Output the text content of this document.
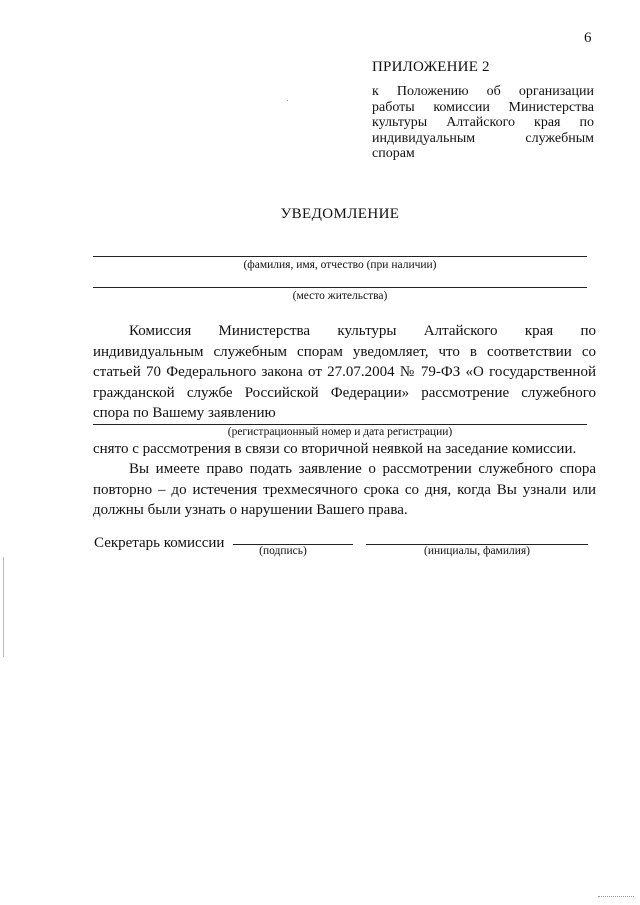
6
ПРИЛОЖЕНИЕ 2
к Положению об организации
работы комиссии Министерства
культуры Алтайского края по
индивидуальным служебным
спорам
УВЕДОМЛЕНИЕ
(фамилия, имя, отчество (при наличии)
(место жительства)
Комиссия Министерства культуры Алтайского края по
индивидуальным служебным спорам уведомляет, что в соответствии со
статьей 70 Федерального закона от 27.07.2004 № 79-ФЗ «О государственной
гражданской службе Российской Федерации» рассмотрение служебного
спора по Вашему заявлению
(регистрационный номер и дата регистрации)
снято с рассмотрения в связи со вторичной неявкой на заседание комиссии.
Вы имеете право подать заявление о рассмотрении служебного спора
повторно – до истечения трехмесячного срока со дня, когда Вы узнали или
должны были узнать о нарушении Вашего права.
Секретарь комиссии	(подпись)	(инициалы, фамилия)
